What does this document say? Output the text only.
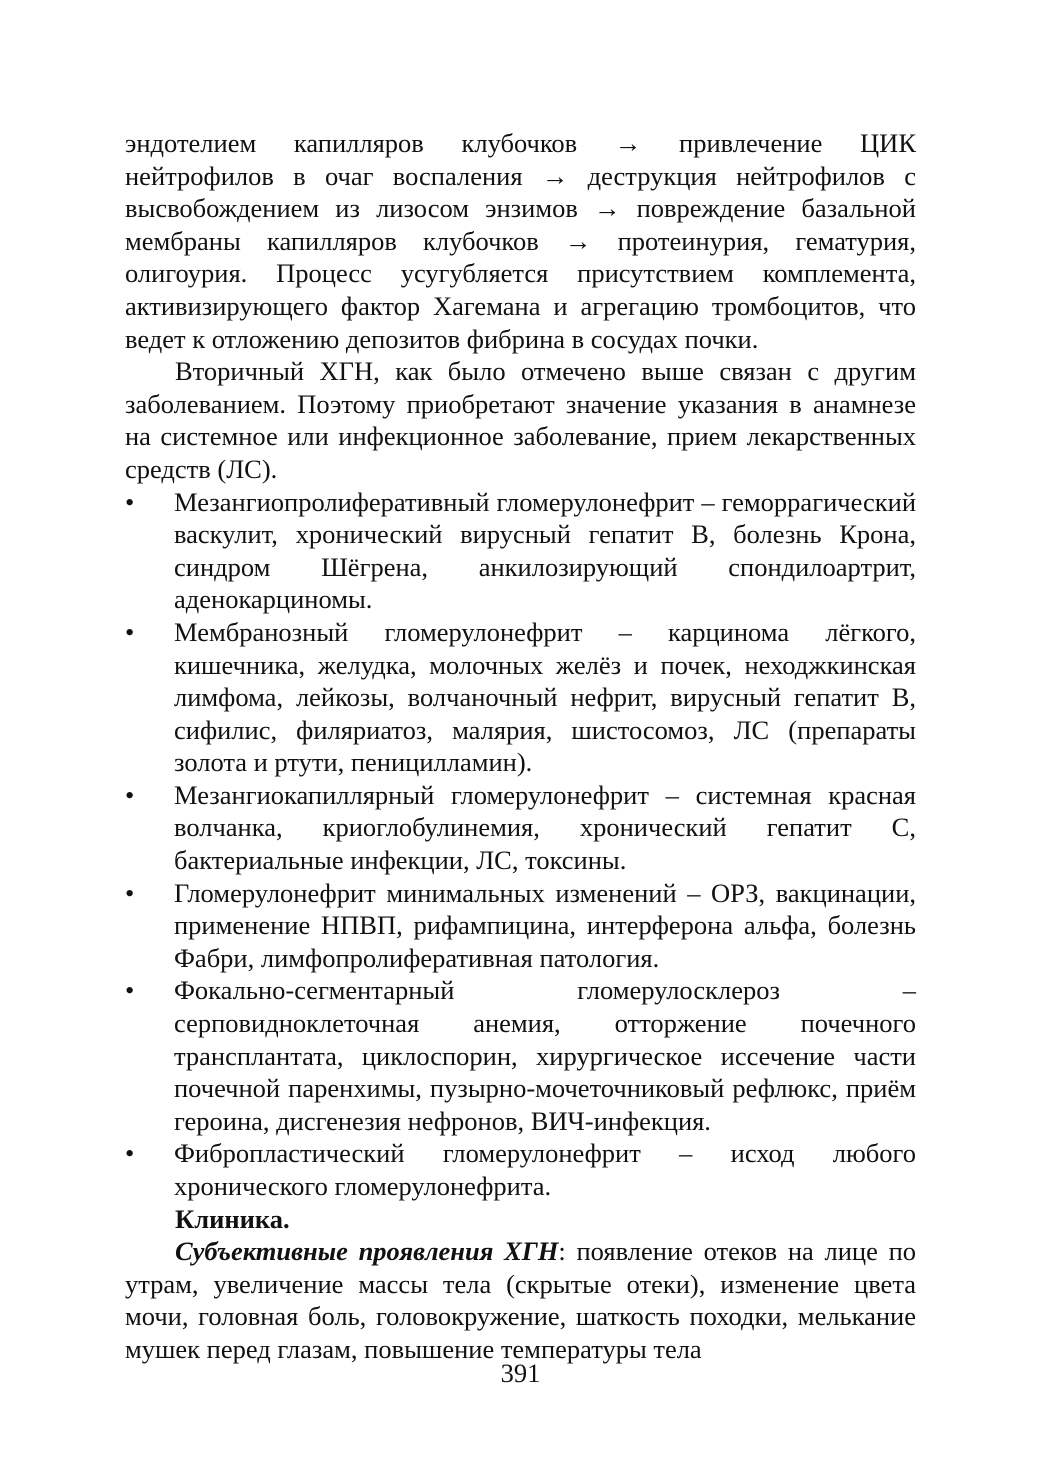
эндотелием капилляров клубочков → привлечение ЦИК нейтрофилов в очаг воспаления → деструкция нейтрофилов с высвобождением из лизосом энзимов → повреждение базальной мембраны капилляров клубочков → протеинурия, гематурия, олигоурия. Процесс усугубляется присутствием комплемента, активизирующего фактор Хагемана и агрегацию тромбоцитов, что ведет к отложению депозитов фибрина в сосудах почки.

Вторичный ХГН, как было отмечено выше связан с другим заболеванием. Поэтому приобретают значение указания в анамнезе на системное или инфекционное заболевание, прием лекарственных средств (ЛС).

• Мезангиопролиферативный гломерулонефрит – геморрагический васкулит, хронический вирусный гепатит В, болезнь Крона, синдром Шёгрена, анкилозирующий спондилоартрит, аденокарциномы.
• Мембранозный гломерулонефрит – карцинома лёгкого, кишечника, желудка, молочных желёз и почек, неходжкинская лимфома, лейкозы, волчаночный нефрит, вирусный гепатит В, сифилис, филяриатоз, малярия, шистосомоз, ЛС (препараты золота и ртути, пеницилламин).
• Мезангиокапиллярный гломерулонефрит – системная красная волчанка, криоглобулинемия, хронический гепатит С, бактериальные инфекции, ЛС, токсины.
• Гломерулонефрит минимальных изменений – ОРЗ, вакцинации, применение НПВП, рифампицина, интерферона альфа, болезнь Фабри, лимфопролиферативная патология.
• Фокально-сегментарный гломерулосклероз – серповидноклеточная анемия, отторжение почечного трансплантата, циклоспорин, хирургическое иссечение части почечной паренхимы, пузырно-мочеточниковый рефлюкс, приём героина, дисгенезия нефронов, ВИЧ-инфекция.
• Фибропластический гломерулонефрит – исход любого хронического гломерулонефрита.

Клиника.

Субъективные проявления ХГН: появление отеков на лице по утрам, увеличение массы тела (скрытые отеки), изменение цвета мочи, головная боль, головокружение, шаткость походки, мелькание мушек перед глазам, повышение температуры тела

391
